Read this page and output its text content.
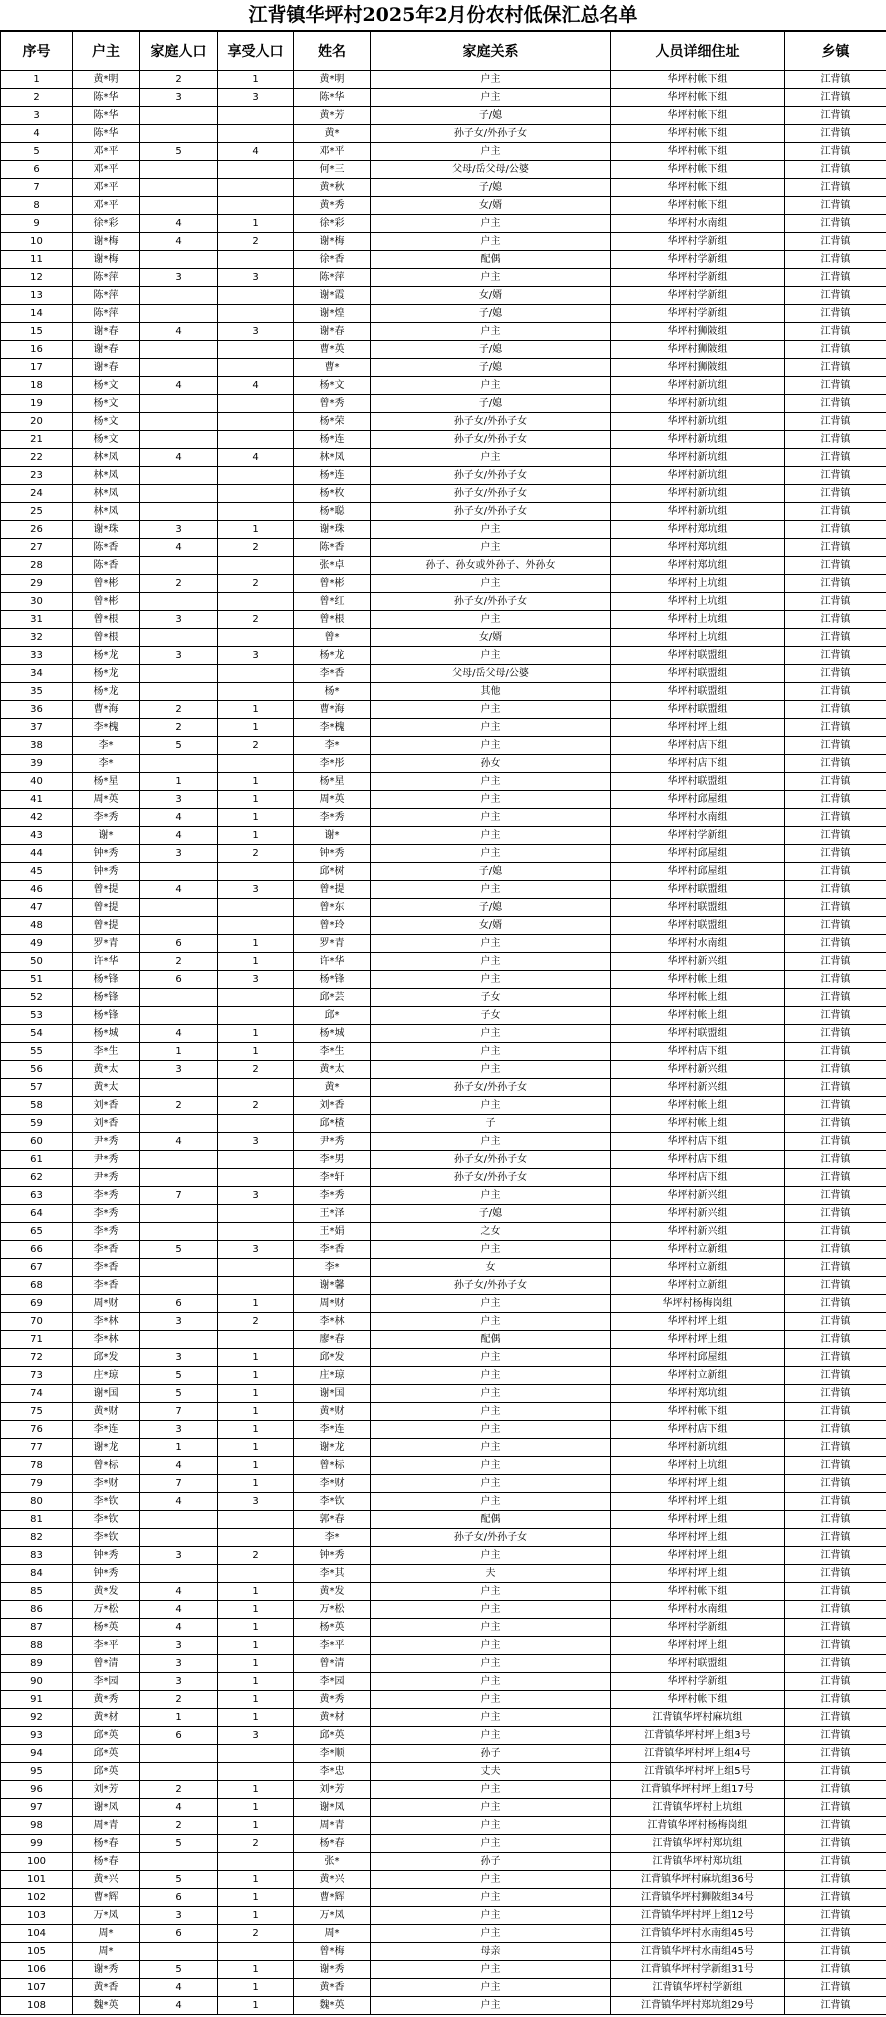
江背镇华坪村2025年2月份农村低保汇总名单
序号	户主	家庭人口	享受人口	姓名	家庭关系	人员详细住址	乡镇
1	黄*明	2	1	黄*明	户主	华坪村帐下组	江背镇
2	陈*华	3	3	陈*华	户主	华坪村帐下组	江背镇
3	陈*华			黄*芳	子/媳	华坪村帐下组	江背镇
4	陈*华			黄*	孙子女/外孙子女	华坪村帐下组	江背镇
5	邓*平	5	4	邓*平	户主	华坪村帐下组	江背镇
6	邓*平			何*三	父母/岳父母/公婆	华坪村帐下组	江背镇
7	邓*平			黄*秋	子/媳	华坪村帐下组	江背镇
8	邓*平			黄*秀	女/婿	华坪村帐下组	江背镇
9	徐*彩	4	1	徐*彩	户主	华坪村水南组	江背镇
10	谢*梅	4	2	谢*梅	户主	华坪村学新组	江背镇
11	谢*梅			徐*香	配偶	华坪村学新组	江背镇
12	陈*萍	3	3	陈*萍	户主	华坪村学新组	江背镇
13	陈*萍			谢*霞	女/婿	华坪村学新组	江背镇
14	陈*萍			谢*煌	子/媳	华坪村学新组	江背镇
15	谢*春	4	3	谢*春	户主	华坪村狮陂组	江背镇
16	谢*春			曹*英	子/媳	华坪村狮陂组	江背镇
17	谢*春			曹*	子/媳	华坪村狮陂组	江背镇
18	杨*文	4	4	杨*文	户主	华坪村新坑组	江背镇
19	杨*文			曾*秀	子/媳	华坪村新坑组	江背镇
20	杨*文			杨*荣	孙子女/外孙子女	华坪村新坑组	江背镇
21	杨*文			杨*连	孙子女/外孙子女	华坪村新坑组	江背镇
22	林*凤	4	4	林*凤	户主	华坪村新坑组	江背镇
23	林*凤			杨*连	孙子女/外孙子女	华坪村新坑组	江背镇
24	林*凤			杨*枚	孙子女/外孙子女	华坪村新坑组	江背镇
25	林*凤			杨*聪	孙子女/外孙子女	华坪村新坑组	江背镇
26	谢*珠	3	1	谢*珠	户主	华坪村郑坑组	江背镇
27	陈*香	4	2	陈*香	户主	华坪村郑坑组	江背镇
28	陈*香			张*卓	孙子、孙女或外孙子、外孙女	华坪村郑坑组	江背镇
29	曾*彬	2	2	曾*彬	户主	华坪村上坑组	江背镇
30	曾*彬			曾*红	孙子女/外孙子女	华坪村上坑组	江背镇
31	曾*根	3	2	曾*根	户主	华坪村上坑组	江背镇
32	曾*根			曾*	女/婿	华坪村上坑组	江背镇
33	杨*龙	3	3	杨*龙	户主	华坪村联盟组	江背镇
34	杨*龙			李*香	父母/岳父母/公婆	华坪村联盟组	江背镇
35	杨*龙			杨*	其他	华坪村联盟组	江背镇
36	曹*海	2	1	曹*海	户主	华坪村联盟组	江背镇
37	李*槐	2	1	李*槐	户主	华坪村坪上组	江背镇
38	李*	5	2	李*	户主	华坪村店下组	江背镇
39	李*			李*彤	孙女	华坪村店下组	江背镇
40	杨*星	1	1	杨*星	户主	华坪村联盟组	江背镇
41	周*英	3	1	周*英	户主	华坪村邱屋组	江背镇
42	李*秀	4	1	李*秀	户主	华坪村水南组	江背镇
43	谢*	4	1	谢*	户主	华坪村学新组	江背镇
44	钟*秀	3	2	钟*秀	户主	华坪村邱屋组	江背镇
45	钟*秀			邱*树	子/媳	华坪村邱屋组	江背镇
46	曾*提	4	3	曾*提	户主	华坪村联盟组	江背镇
47	曾*提			曾*东	子/媳	华坪村联盟组	江背镇
48	曾*提			曾*玲	女/婿	华坪村联盟组	江背镇
49	罗*青	6	1	罗*青	户主	华坪村水南组	江背镇
50	许*华	2	1	许*华	户主	华坪村新兴组	江背镇
51	杨*锋	6	3	杨*锋	户主	华坪村帐上组	江背镇
52	杨*锋			邱*芸	子女	华坪村帐上组	江背镇
53	杨*锋			邱*	子女	华坪村帐上组	江背镇
54	杨*城	4	1	杨*城	户主	华坪村联盟组	江背镇
55	李*生	1	1	李*生	户主	华坪村店下组	江背镇
56	黄*太	3	2	黄*太	户主	华坪村新兴组	江背镇
57	黄*太			黄*	孙子女/外孙子女	华坪村新兴组	江背镇
58	刘*香	2	2	刘*香	户主	华坪村帐上组	江背镇
59	刘*香			邱*楂	子	华坪村帐上组	江背镇
60	尹*秀	4	3	尹*秀	户主	华坪村店下组	江背镇
61	尹*秀			李*男	孙子女/外孙子女	华坪村店下组	江背镇
62	尹*秀			李*轩	孙子女/外孙子女	华坪村店下组	江背镇
63	李*秀	7	3	李*秀	户主	华坪村新兴组	江背镇
64	李*秀			王*泽	子/媳	华坪村新兴组	江背镇
65	李*秀			王*娟	之女	华坪村新兴组	江背镇
66	李*香	5	3	李*香	户主	华坪村立新组	江背镇
67	李*香			李*	女	华坪村立新组	江背镇
68	李*香			谢*馨	孙子女/外孙子女	华坪村立新组	江背镇
69	周*财	6	1	周*财	户主	华坪村杨梅岗组	江背镇
70	李*林	3	2	李*林	户主	华坪村坪上组	江背镇
71	李*林			廖*春	配偶	华坪村坪上组	江背镇
72	邱*发	3	1	邱*发	户主	华坪村邱屋组	江背镇
73	庄*琼	5	1	庄*琼	户主	华坪村立新组	江背镇
74	谢*国	5	1	谢*国	户主	华坪村郑坑组	江背镇
75	黄*财	7	1	黄*财	户主	华坪村帐下组	江背镇
76	李*连	3	1	李*连	户主	华坪村店下组	江背镇
77	谢*龙	1	1	谢*龙	户主	华坪村新坑组	江背镇
78	曾*标	4	1	曾*标	户主	华坪村上坑组	江背镇
79	李*财	7	1	李*财	户主	华坪村坪上组	江背镇
80	李*钦	4	3	李*钦	户主	华坪村坪上组	江背镇
81	李*钦			郭*春	配偶	华坪村坪上组	江背镇
82	李*钦			李*	孙子女/外孙子女	华坪村坪上组	江背镇
83	钟*秀	3	2	钟*秀	户主	华坪村坪上组	江背镇
84	钟*秀			李*其	夫	华坪村坪上组	江背镇
85	黄*发	4	1	黄*发	户主	华坪村帐下组	江背镇
86	万*松	4	1	万*松	户主	华坪村水南组	江背镇
87	杨*英	4	1	杨*英	户主	华坪村学新组	江背镇
88	李*平	3	1	李*平	户主	华坪村坪上组	江背镇
89	曾*清	3	1	曾*清	户主	华坪村联盟组	江背镇
90	李*园	3	1	李*园	户主	华坪村学新组	江背镇
91	黄*秀	2	1	黄*秀	户主	华坪村帐下组	江背镇
92	黄*材	1	1	黄*材	户主	江背镇华坪村麻坑组	江背镇
93	邱*英	6	3	邱*英	户主	江背镇华坪村坪上组3号	江背镇
94	邱*英			李*顺	孙子	江背镇华坪村坪上组4号	江背镇
95	邱*英			李*忠	丈夫	江背镇华坪村坪上组5号	江背镇
96	刘*芳	2	1	刘*芳	户主	江背镇华坪村坪上组17号	江背镇
97	谢*凤	4	1	谢*凤	户主	江背镇华坪村上坑组	江背镇
98	周*青	2	1	周*青	户主	江背镇华坪村杨梅岗组	江背镇
99	杨*春	5	2	杨*春	户主	江背镇华坪村郑坑组	江背镇
100	杨*春			张*	孙子	江背镇华坪村郑坑组	江背镇
101	黄*兴	5	1	黄*兴	户主	江背镇华坪村麻坑组36号	江背镇
102	曹*辉	6	1	曹*辉	户主	江背镇华坪村狮陂组34号	江背镇
103	万*凤	3	1	万*凤	户主	江背镇华坪村坪上组12号	江背镇
104	周*	6	2	周*	户主	江背镇华坪村水南组45号	江背镇
105	周*			曾*梅	母亲	江背镇华坪村水南组45号	江背镇
106	谢*秀	5	1	谢*秀	户主	江背镇华坪村学新组31号	江背镇
107	黄*香	4	1	黄*香	户主	江背镇华坪村学新组	江背镇
108	魏*英	4	1	魏*英	户主	江背镇华坪村郑坑组29号	江背镇
